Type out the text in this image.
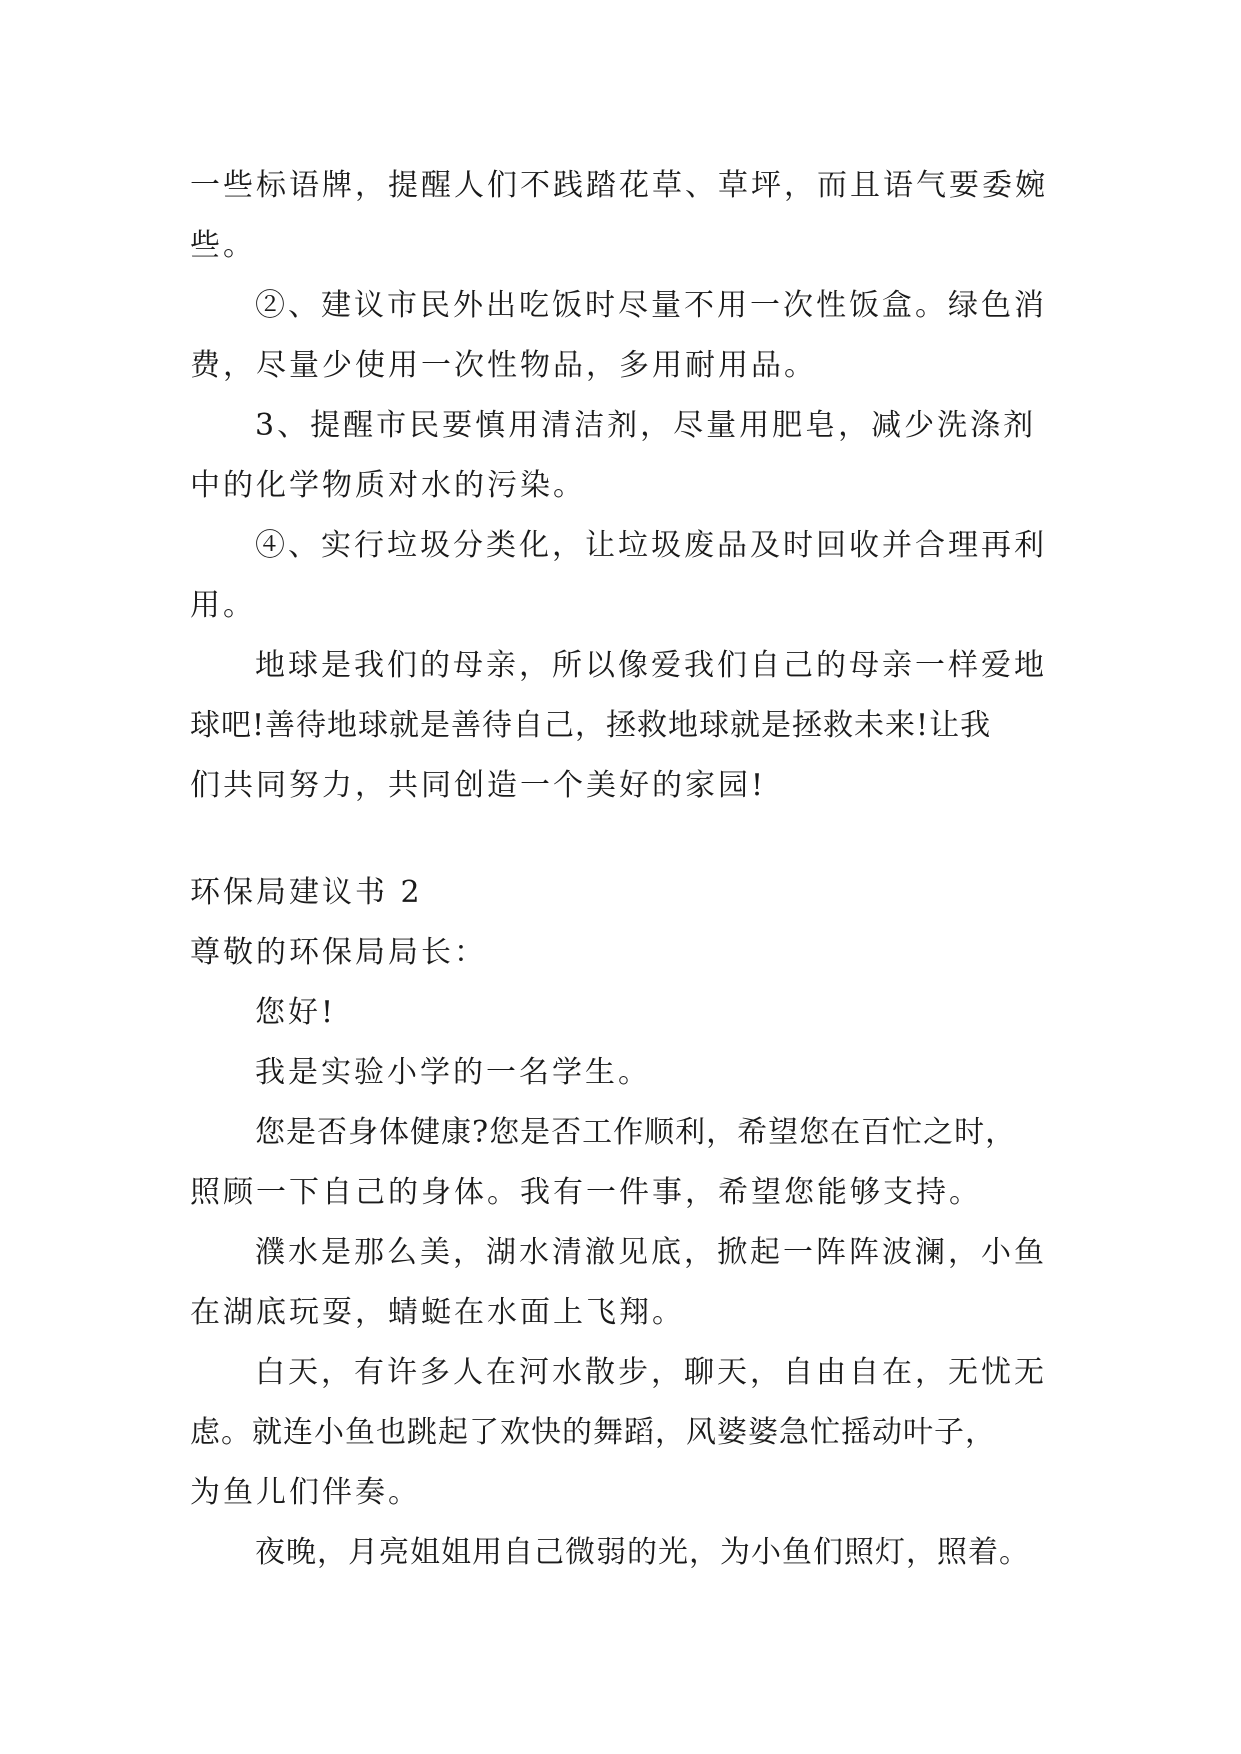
一些标语牌，提醒人们不践踏花草、草坪，而且语气要委婉
些。
②、建议市民外出吃饭时尽量不用一次性饭盒。绿色消
费，尽量少使用一次性物品，多用耐用品。
3、提醒市民要慎用清洁剂，尽量用肥皂，减少洗涤剂
中的化学物质对水的污染。
④、实行垃圾分类化，让垃圾废品及时回收并合理再利
用。
地球是我们的母亲，所以像爱我们自己的母亲一样爱地
球吧!善待地球就是善待自己，拯救地球就是拯救未来!让我
们共同努力，共同创造一个美好的家园!
环保局建议书 2
尊敬的环保局局长：
您好!
我是实验小学的一名学生。
您是否身体健康?您是否工作顺利，希望您在百忙之时，
照顾一下自己的身体。我有一件事，希望您能够支持。
濮水是那么美，湖水清澈见底，掀起一阵阵波澜，小鱼
在湖底玩耍，蜻蜓在水面上飞翔。
白天，有许多人在河水散步，聊天，自由自在，无忧无
虑。就连小鱼也跳起了欢快的舞蹈，风婆婆急忙摇动叶子，
为鱼儿们伴奏。
夜晚，月亮姐姐用自己微弱的光，为小鱼们照灯，照着。
